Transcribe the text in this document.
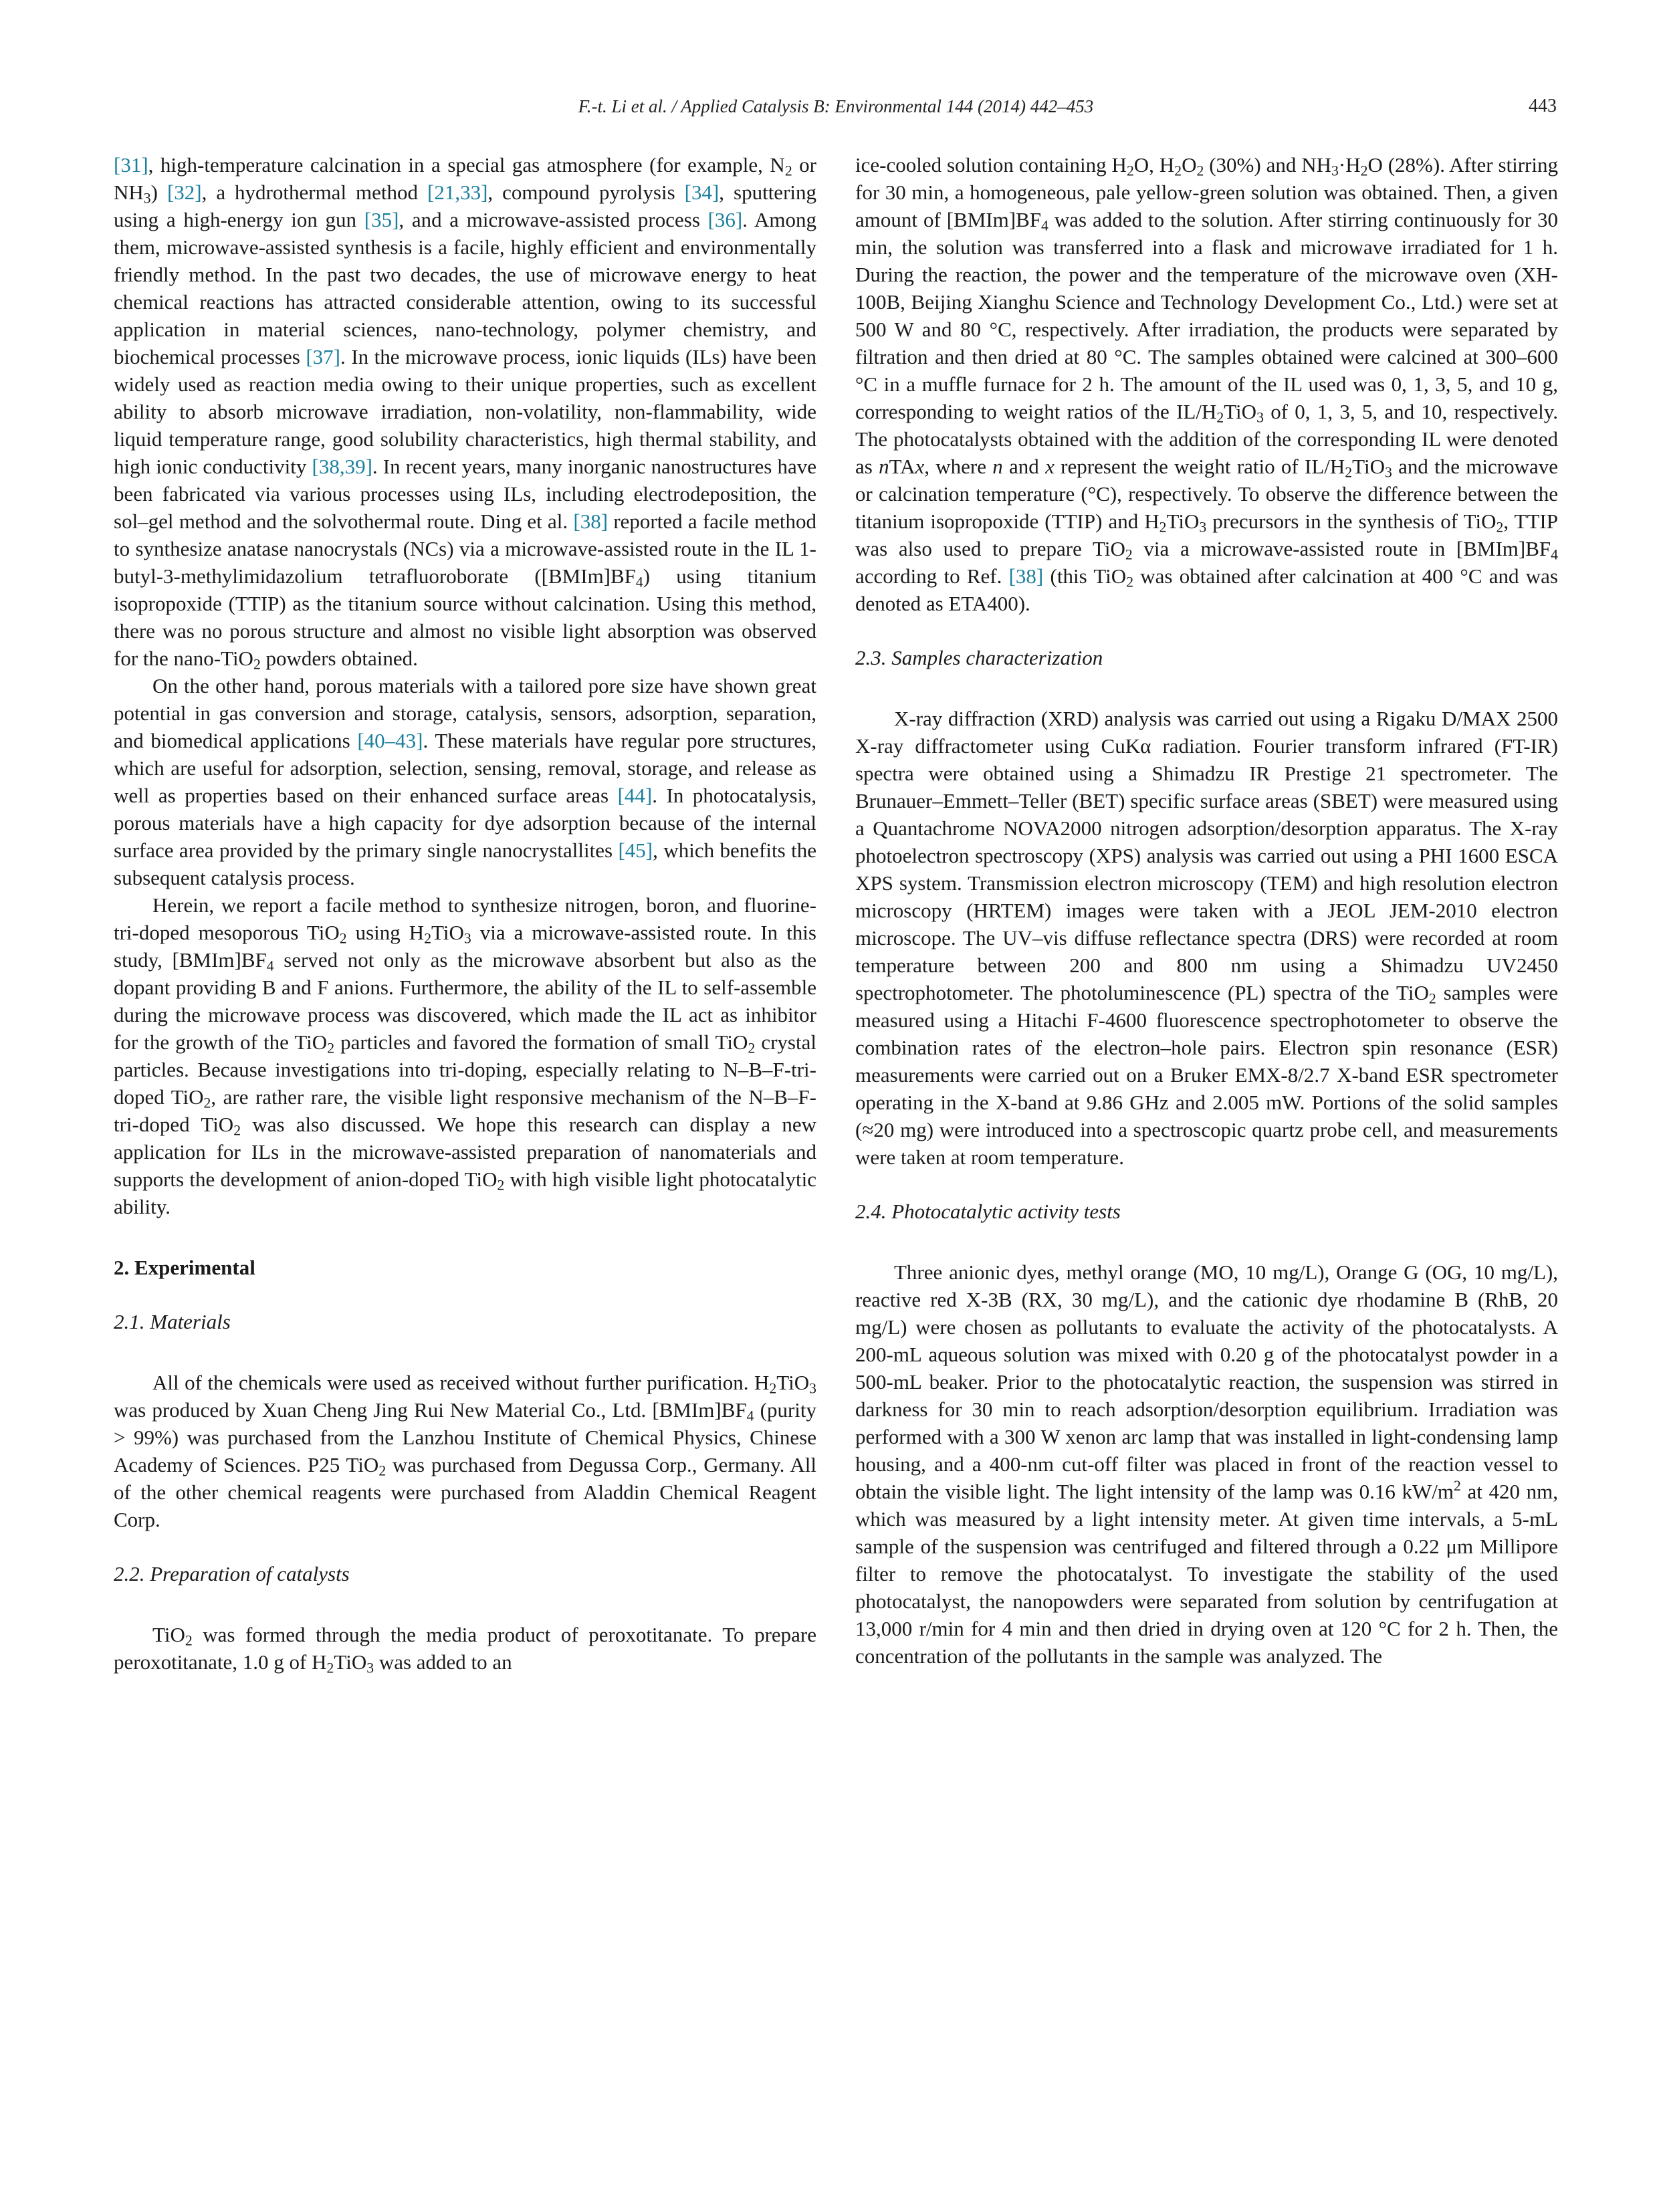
F.-t. Li et al. / Applied Catalysis B: Environmental 144 (2014) 442–453	443

[31], high-temperature calcination in a special gas atmosphere (for example, $N_2$ or $NH_3$) [32], a hydrothermal method [21,33], compound pyrolysis [34], sputtering using a high-energy ion gun [35], and a microwave-assisted process [36]. Among them, microwave-assisted synthesis is a facile, highly efficient and environmentally friendly method. In the past two decades, the use of microwave energy to heat chemical reactions has attracted considerable attention, owing to its successful application in material sciences, nano-technology, polymer chemistry, and biochemical processes [37]. In the microwave process, ionic liquids (ILs) have been widely used as reaction media owing to their unique properties, such as excellent ability to absorb microwave irradiation, non-volatility, non-flammability, wide liquid temperature range, good solubility characteristics, high thermal stability, and high ionic conductivity [38,39]. In recent years, many inorganic nanostructures have been fabricated via various processes using ILs, including electrodeposition, the sol–gel method and the solvothermal route. Ding et al. [38] reported a facile method to synthesize anatase nanocrystals (NCs) via a microwave-assisted route in the IL 1-butyl-3-methylimidazolium tetrafluoroborate $([BMIm]BF_4)$ using titanium isopropoxide (TTIP) as the titanium source without calcination. Using this method, there was no porous structure and almost no visible light absorption was observed for the nano-TiO$_2$ powders obtained.

On the other hand, porous materials with a tailored pore size have shown great potential in gas conversion and storage, catalysis, sensors, adsorption, separation, and biomedical applications [40–43]. These materials have regular pore structures, which are useful for adsorption, selection, sensing, removal, storage, and release as well as properties based on their enhanced surface areas [44]. In photocatalysis, porous materials have a high capacity for dye adsorption because of the internal surface area provided by the primary single nanocrystallites [45], which benefits the subsequent catalysis process.

Herein, we report a facile method to synthesize nitrogen, boron, and fluorine-tri-doped mesoporous TiO$_2$ using $H_2TiO_3$ via a microwave-assisted route. In this study, $[BMIm]BF_4$ served not only as the microwave absorbent but also as the dopant providing B and F anions. Furthermore, the ability of the IL to self-assemble during the microwave process was discovered, which made the IL act as inhibitor for the growth of the TiO$_2$ particles and favored the formation of small TiO$_2$ crystal particles. Because investigations into tri-doping, especially relating to N–B–F-tri-doped TiO$_2$, are rather rare, the visible light responsive mechanism of the N–B–F-tri-doped TiO$_2$ was also discussed. We hope this research can display a new application for ILs in the microwave-assisted preparation of nanomaterials and supports the development of anion-doped TiO$_2$ with high visible light photocatalytic ability.

2. Experimental
2.1. Materials

All of the chemicals were used as received without further purification. $H_2TiO_3$ was produced by Xuan Cheng Jing Rui New Material Co., Ltd. $[BMIm]BF_4$ (purity > 99%) was purchased from the Lanzhou Institute of Chemical Physics, Chinese Academy of Sciences. P25 TiO$_2$ was purchased from Degussa Corp., Germany. All of the other chemical reagents were purchased from Aladdin Chemical Reagent Corp.

2.2. Preparation of catalysts

TiO$_2$ was formed through the media product of peroxotitanate. To prepare peroxotitanate, 1.0 g of $H_2TiO_3$ was added to an

ice-cooled solution containing $H_2O$, $H_2O_2$ (30%) and $NH_3\cdot H_2O$ (28%). After stirring for 30 min, a homogeneous, pale yellow-green solution was obtained. Then, a given amount of $[BMIm]BF_4$ was added to the solution. After stirring continuously for 30 min, the solution was transferred into a flask and microwave irradiated for 1 h. During the reaction, the power and the temperature of the microwave oven (XH-100B, Beijing Xianghu Science and Technology Development Co., Ltd.) were set at 500 W and 80 °C, respectively. After irradiation, the products were separated by filtration and then dried at 80 °C. The samples obtained were calcined at 300–600 °C in a muffle furnace for 2 h. The amount of the IL used was 0, 1, 3, 5, and 10 g, corresponding to weight ratios of the $IL/H_2TiO_3$ of 0, 1, 3, 5, and 10, respectively. The photocatalysts obtained with the addition of the corresponding IL were denoted as nTAx, where n and x represent the weight ratio of $IL/H_2TiO_3$ and the microwave or calcination temperature (°C), respectively. To observe the difference between the titanium isopropoxide (TTIP) and $H_2TiO_3$ precursors in the synthesis of TiO$_2$, TTIP was also used to prepare TiO$_2$ via a microwave-assisted route in $[BMIm]BF_4$ according to Ref. [38] (this TiO$_2$ was obtained after calcination at 400 °C and was denoted as ETA400).

2.3. Samples characterization

X-ray diffraction (XRD) analysis was carried out using a Rigaku D/MAX 2500 X-ray diffractometer using CuKα radiation. Fourier transform infrared (FT-IR) spectra were obtained using a Shimadzu IR Prestige 21 spectrometer. The Brunauer–Emmett–Teller (BET) specific surface areas (SBET) were measured using a Quantachrome NOVA2000 nitrogen adsorption/desorption apparatus. The X-ray photoelectron spectroscopy (XPS) analysis was carried out using a PHI 1600 ESCA XPS system. Transmission electron microscopy (TEM) and high resolution electron microscopy (HRTEM) images were taken with a JEOL JEM-2010 electron microscope. The UV–vis diffuse reflectance spectra (DRS) were recorded at room temperature between 200 and 800 nm using a Shimadzu UV2450 spectrophotometer. The photoluminescence (PL) spectra of the TiO$_2$ samples were measured using a Hitachi F-4600 fluorescence spectrophotometer to observe the combination rates of the electron–hole pairs. Electron spin resonance (ESR) measurements were carried out on a Bruker EMX-8/2.7 X-band ESR spectrometer operating in the X-band at 9.86 GHz and 2.005 mW. Portions of the solid samples (≈20 mg) were introduced into a spectroscopic quartz probe cell, and measurements were taken at room temperature.

2.4. Photocatalytic activity tests

Three anionic dyes, methyl orange (MO, 10 mg/L), Orange G (OG, 10 mg/L), reactive red X-3B (RX, 30 mg/L), and the cationic dye rhodamine B (RhB, 20 mg/L) were chosen as pollutants to evaluate the activity of the photocatalysts. A 200-mL aqueous solution was mixed with 0.20 g of the photocatalyst powder in a 500-mL beaker. Prior to the photocatalytic reaction, the suspension was stirred in darkness for 30 min to reach adsorption/desorption equilibrium. Irradiation was performed with a 300 W xenon arc lamp that was installed in light-condensing lamp housing, and a 400-nm cut-off filter was placed in front of the reaction vessel to obtain the visible light. The light intensity of the lamp was 0.16 $kW/m^2$ at 420 nm, which was measured by a light intensity meter. At given time intervals, a 5-mL sample of the suspension was centrifuged and filtered through a 0.22 μm Millipore filter to remove the photocatalyst. To investigate the stability of the used photocatalyst, the nanopowders were separated from solution by centrifugation at 13,000 r/min for 4 min and then dried in drying oven at 120 °C for 2 h. Then, the concentration of the pollutants in the sample was analyzed. The
